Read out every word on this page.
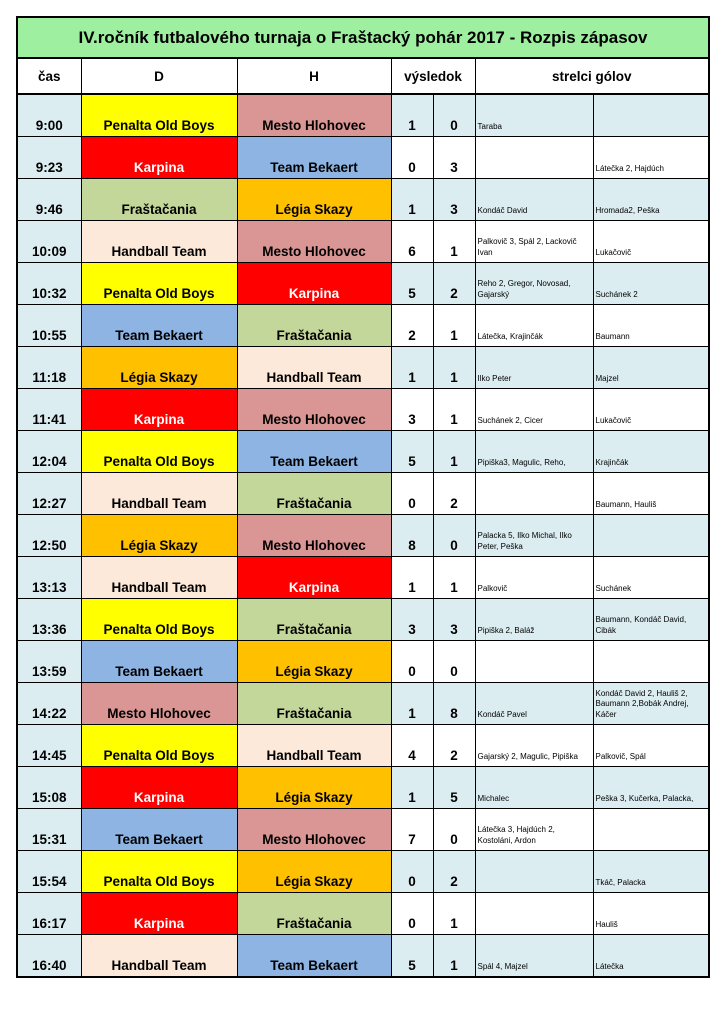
IV.ročník futbalového turnaja o Fraštacký pohár 2017 - Rozpis zápasov						
čas	D	H	výsledok		strelci gólov	
9:00	Penalta Old Boys	Mesto Hlohovec	1	0	Taraba	
9:23	Karpina	Team Bekaert	0	3		Látečka 2, Hajdúch
9:46	Fraštačania	Légia Skazy	1	3	Kondáč David	Hromada2, Peška
10:09	Handball Team	Mesto Hlohovec	6	1	Palkovič 3, Spál 2, Lackovič Ivan	Lukačovič
10:32	Penalta Old Boys	Karpina	5	2	Reho 2, Gregor, Novosad, Gajarský	Suchánek 2
10:55	Team Bekaert	Fraštačania	2	1	Látečka, Krajinčák	Baumann
11:18	Légia Skazy	Handball Team	1	1	Ilko Peter	Majzel
11:41	Karpina	Mesto Hlohovec	3	1	Suchánek 2, Cicer	Lukačovič
12:04	Penalta Old Boys	Team Bekaert	5	1	Pipiška3, Magulic, Reho,	Krajinčák
12:27	Handball Team	Fraštačania	0	2		Baumann, Hauliš
12:50	Légia Skazy	Mesto Hlohovec	8	0	Palacka 5, Ilko Michal, Ilko Peter, Peška	
13:13	Handball Team	Karpina	1	1	Palkovič	Suchánek
13:36	Penalta Old Boys	Fraštačania	3	3	Pipiška 2, Baláž	Baumann, Kondáč David, Cibák
13:59	Team Bekaert	Légia Skazy	0	0		
14:22	Mesto Hlohovec	Fraštačania	1	8	Kondáč Pavel	Kondáč David 2, Hauliš 2, Baumann 2,Bobák Andrej, Káčer
14:45	Penalta Old Boys	Handball Team	4	2	Gajarský 2, Magulic, Pipiška	Palkovič, Spál
15:08	Karpina	Légia Skazy	1	5	Michalec	Peška 3, Kučerka, Palacka,
15:31	Team Bekaert	Mesto Hlohovec	7	0	Látečka 3, Hajdúch 2, Kostoláni, Ardon	
15:54	Penalta Old Boys	Légia Skazy	0	2		Tkáč, Palacka
16:17	Karpina	Fraštačania	0	1		Hauliš
16:40	Handball Team	Team Bekaert	5	1	Spál 4, Majzel	Látečka
